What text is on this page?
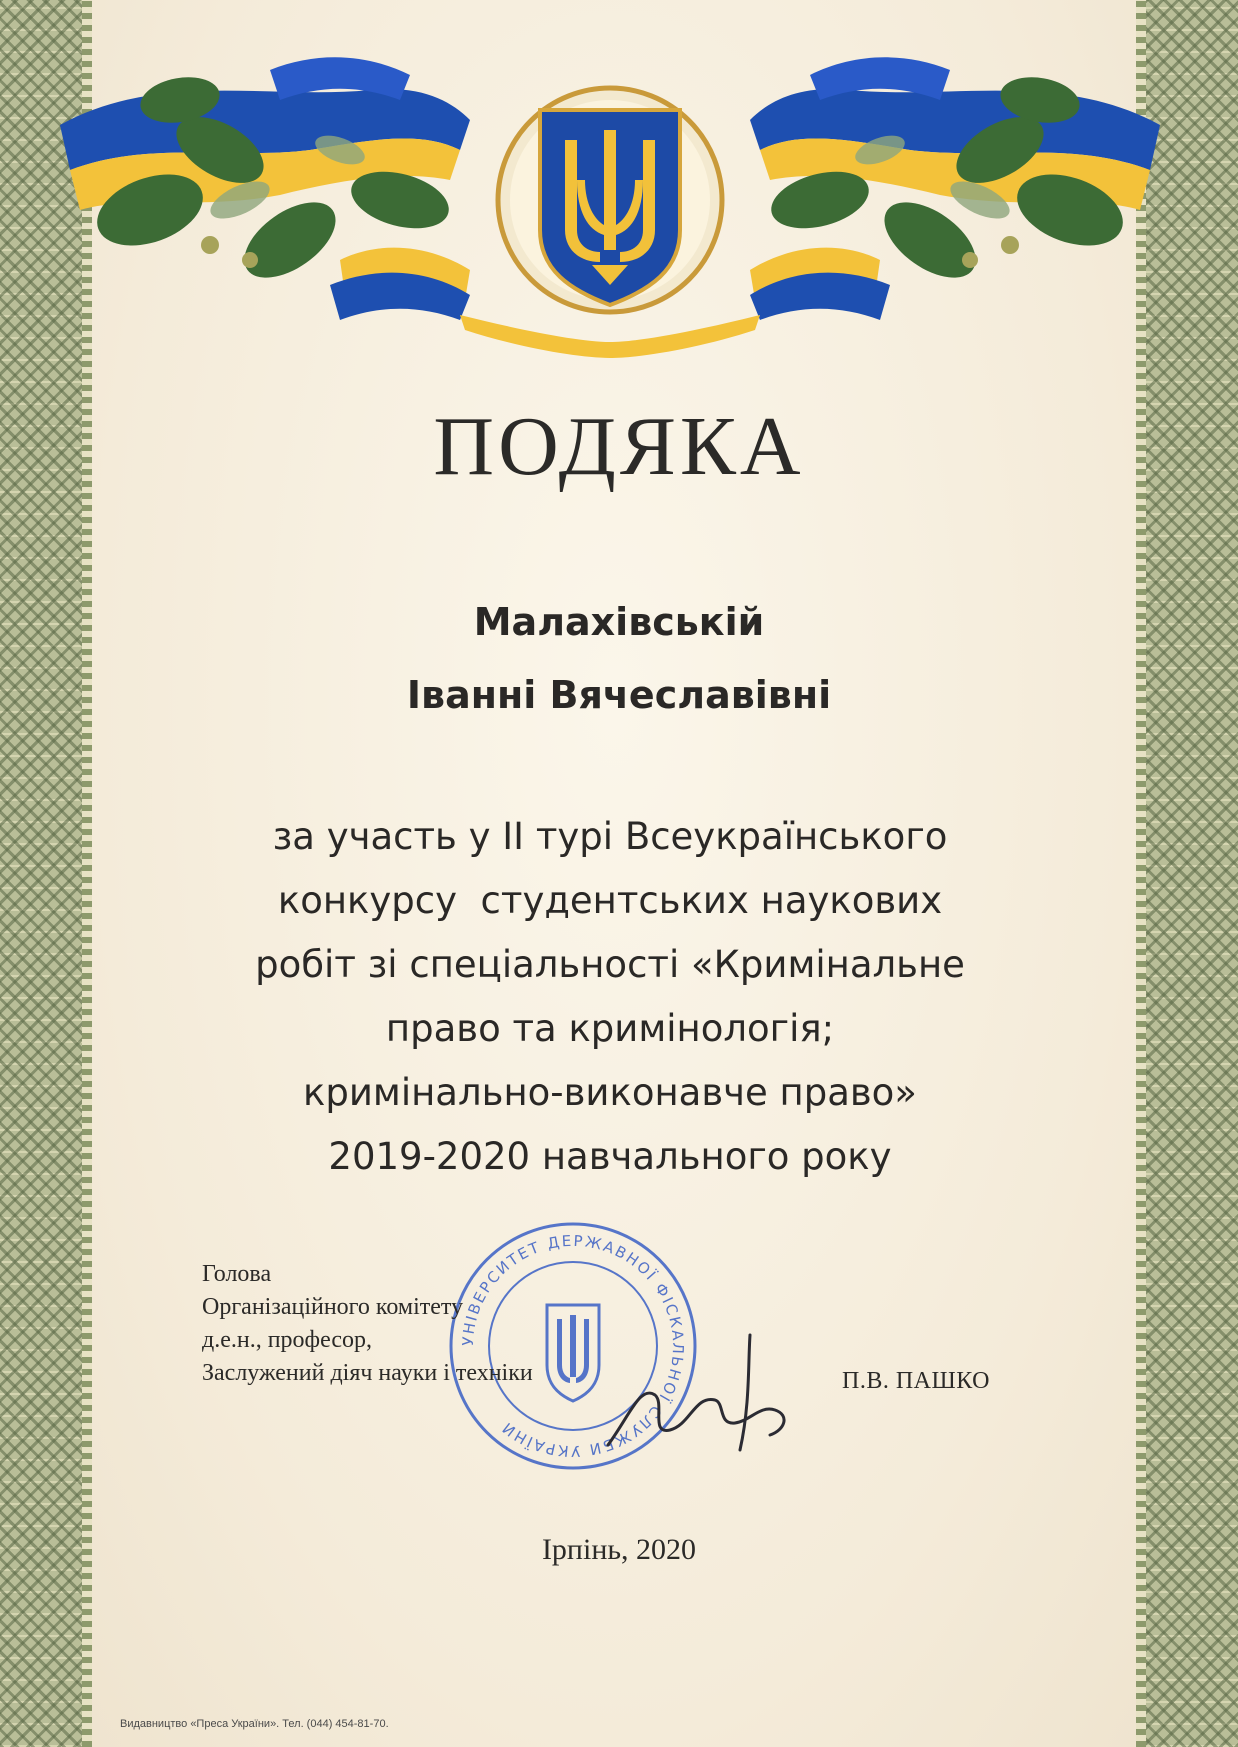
ПОДЯКА
Малахівській
Іванні Вячеславівні
за участь у II турі Всеукраїнського
конкурсу  студентських наукових
робіт зі спеціальності «Кримінальне
право та кримінологія;
кримінально-виконавче право»
2019-2020 навчального року
УНІВЕРСИТЕТ ДЕРЖАВНОЇ ФІСКАЛЬНОЇ СЛУЖБИ УКРАЇНИ
Голова
Організаційного комітету
д.е.н., професор,
Заслужений діяч науки і техніки	П.В. ПАШКО
Ірпінь, 2020
Видавництво «Преса України». Тел. (044) 454-81-70.
